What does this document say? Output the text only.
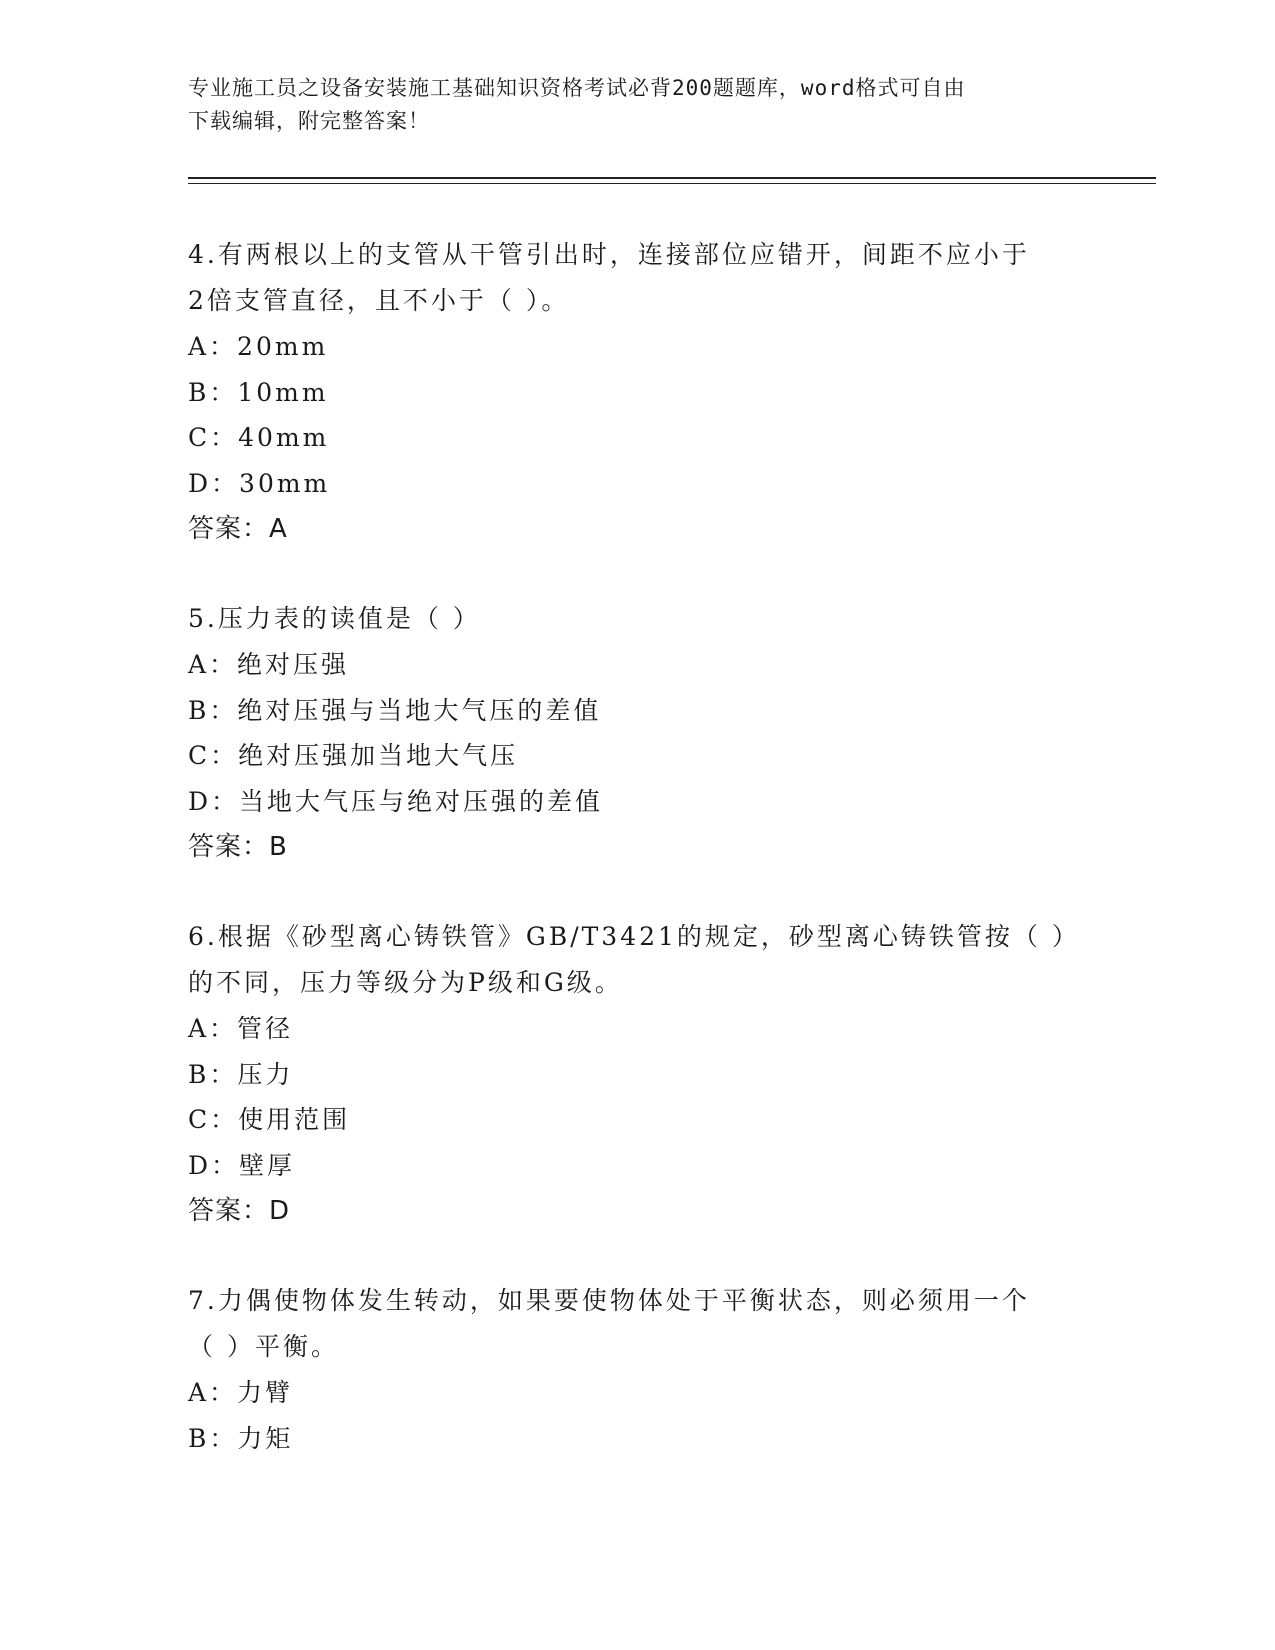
专业施工员之设备安装施工基础知识资格考试必背200题题库，word格式可自由
下载编辑，附完整答案！

4.有两根以上的支管从干管引出时，连接部位应错开，间距不应小于

2倍支管直径，且不小于（ ）。

A：20mm

B：10mm

C：40mm

D：30mm

答案：A

5.压力表的读值是（ ）

A：绝对压强

B：绝对压强与当地大气压的差值

C：绝对压强加当地大气压

D：当地大气压与绝对压强的差值

答案：B

6.根据《砂型离心铸铁管》GB/T3421的规定，砂型离心铸铁管按（ ）

的不同，压力等级分为P级和G级。

A：管径

B：压力

C：使用范围

D：壁厚

答案：D

7.力偶使物体发生转动，如果要使物体处于平衡状态，则必须用一个

（ ）平衡。

A：力臂

B：力矩
